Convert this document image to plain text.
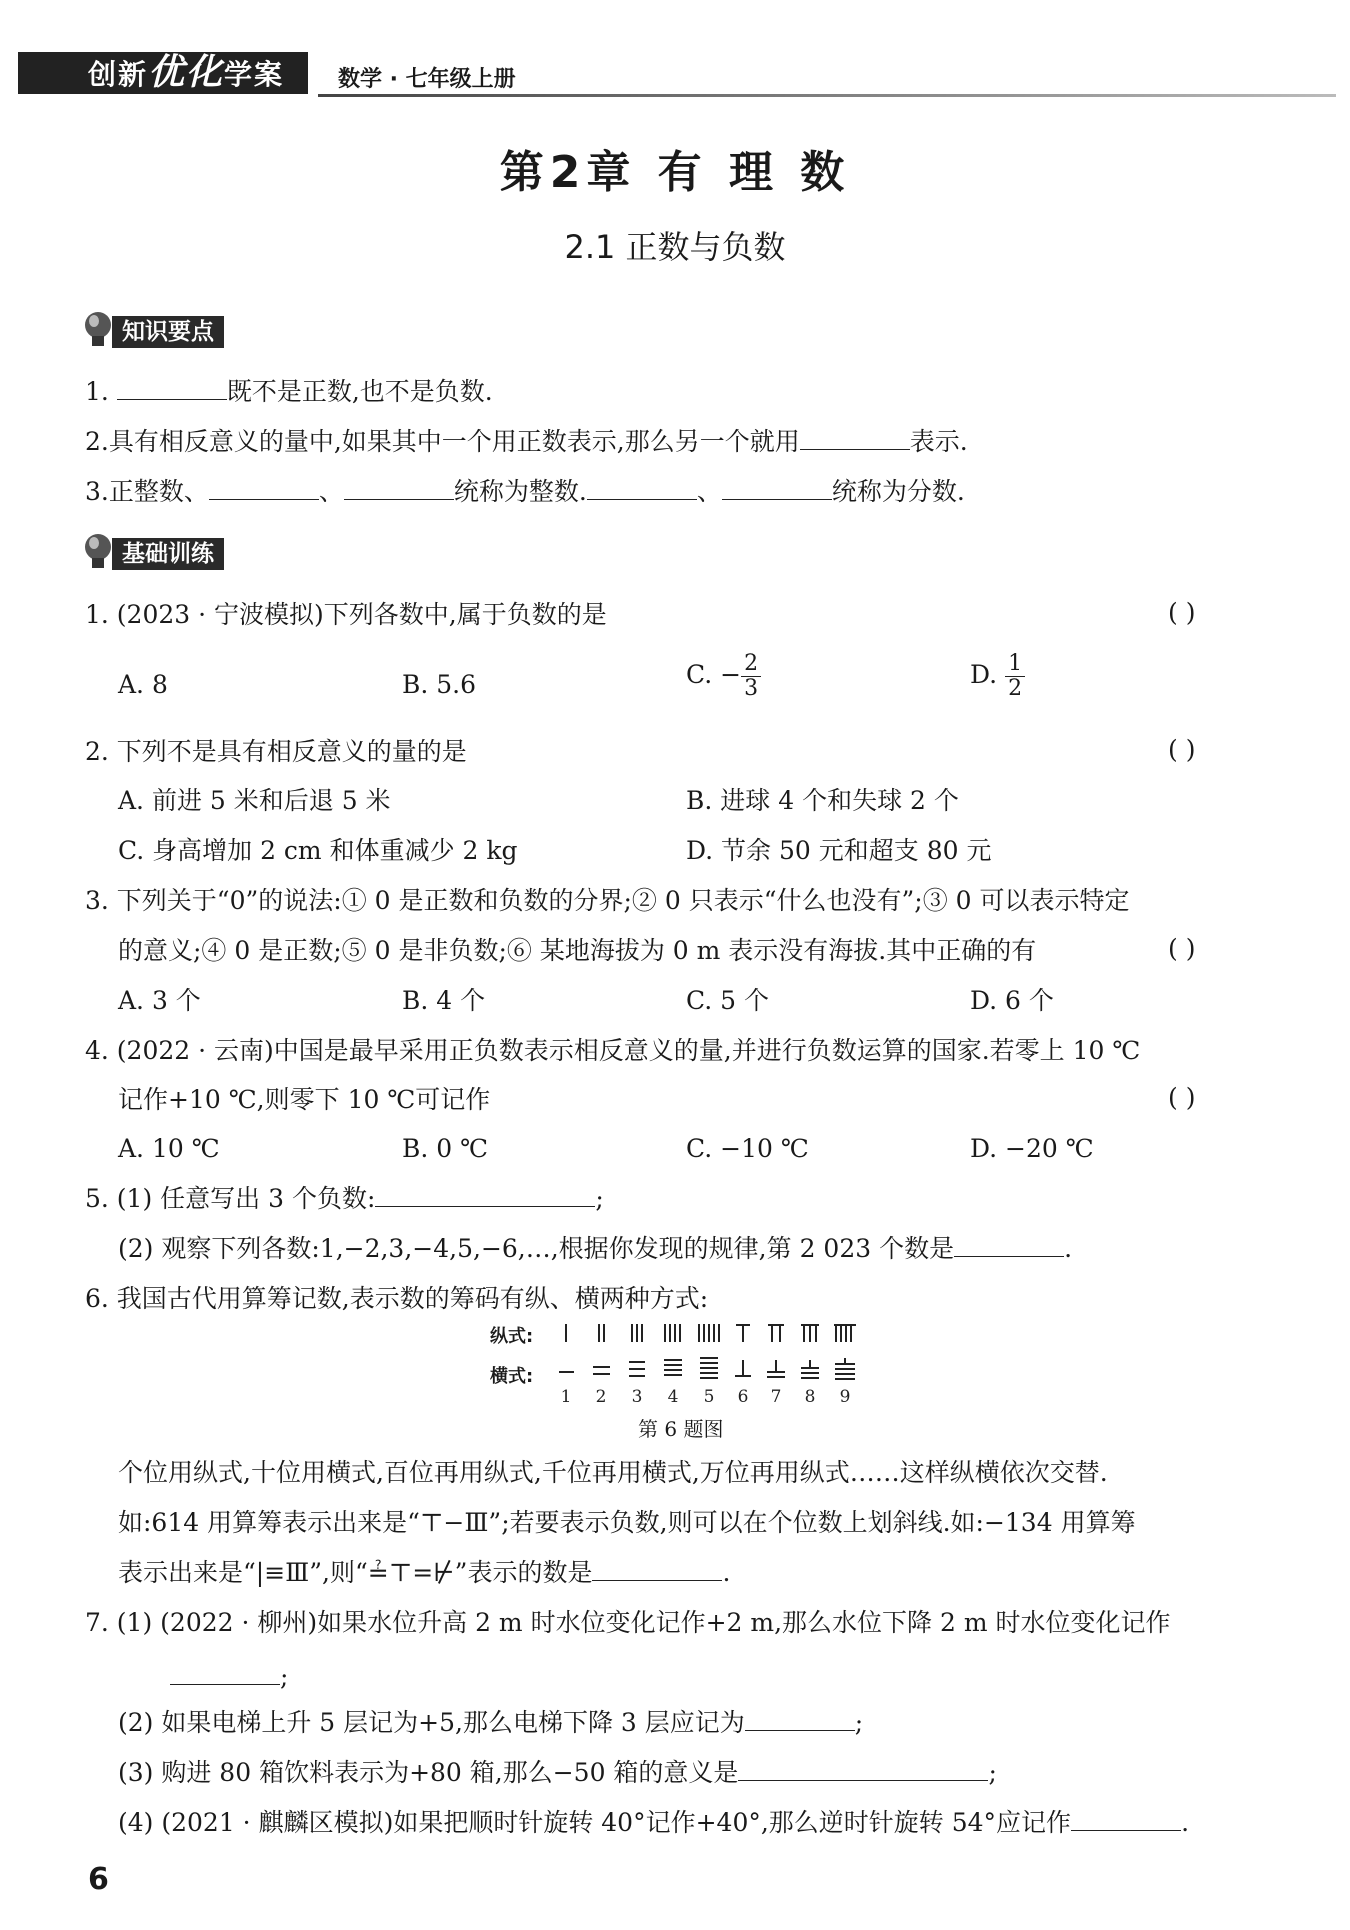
创新优化学案	数学 · 七年级上册
第2章 有 理 数
2.1 正数与负数
知识要点
1.	既不是正数,也不是负数.
2.具有相反意义的量中,如果其中一个用正数表示,那么另一个就用	表示.
3.正整数、	、	统称为整数.	、	统称为分数.
基础训练
1. (2023 · 宁波模拟)下列各数中,属于负数的是	( )
A. 8	B. 5.6	C. − $\frac{2}{3}$	D. $\frac{1}{2}$
2. 下列不是具有相反意义的量的是	( )
A. 前进 5 米和后退 5 米	B. 进球 4 个和失球 2 个
C. 身高增加 2 cm 和体重减少 2 kg	D. 节余 50 元和超支 80 元
3. 下列关于“0”的说法:① 0 是正数和负数的分界;② 0 只表示“什么也没有”;③ 0 可以表示特定
的意义;④ 0 是正数;⑤ 0 是非负数;⑥ 某地海拔为 0 m 表示没有海拔.其中正确的有	( )
A. 3 个	B. 4 个	C. 5 个	D. 6 个
4. (2022 · 云南)中国是最早采用正负数表示相反意义的量,并进行负数运算的国家.若零上 10 ℃
记作+10 ℃,则零下 10 ℃可记作	( )
A. 10 ℃	B. 0 ℃	C. −10 ℃	D. −20 ℃
5. (1) 任意写出 3 个负数:	;
(2) 观察下列各数:1,−2,3,−4,5,−6,…,根据你发现的规律,第 2 023 个数是	.
6. 我国古代用算筹记数,表示数的筹码有纵、横两种方式:
纵式:
横式:
1 2 3 4 5 6 7 8 9
第 6 题图
个位用纵式,十位用横式,百位再用纵式,千位再用横式,万位再用纵式……这样纵横依次交替.
如:614 用算筹表示出来是“⊤−Ⅲ”;若要表示负数,则可以在个位数上划斜线.如:−134 用算筹
表示出来是“|≡Ⅲ”,则“≟⊤=⊬”表示的数是	.
7. (1) (2022 · 柳州)如果水位升高 2 m 时水位变化记作+2 m,那么水位下降 2 m 时水位变化记作
;
(2) 如果电梯上升 5 层记为+5,那么电梯下降 3 层应记为	;
(3) 购进 80 箱饮料表示为+80 箱,那么−50 箱的意义是	;
(4) (2021 · 麒麟区模拟)如果把顺时针旋转 40°记作+40°,那么逆时针旋转 54°应记作	.
6
